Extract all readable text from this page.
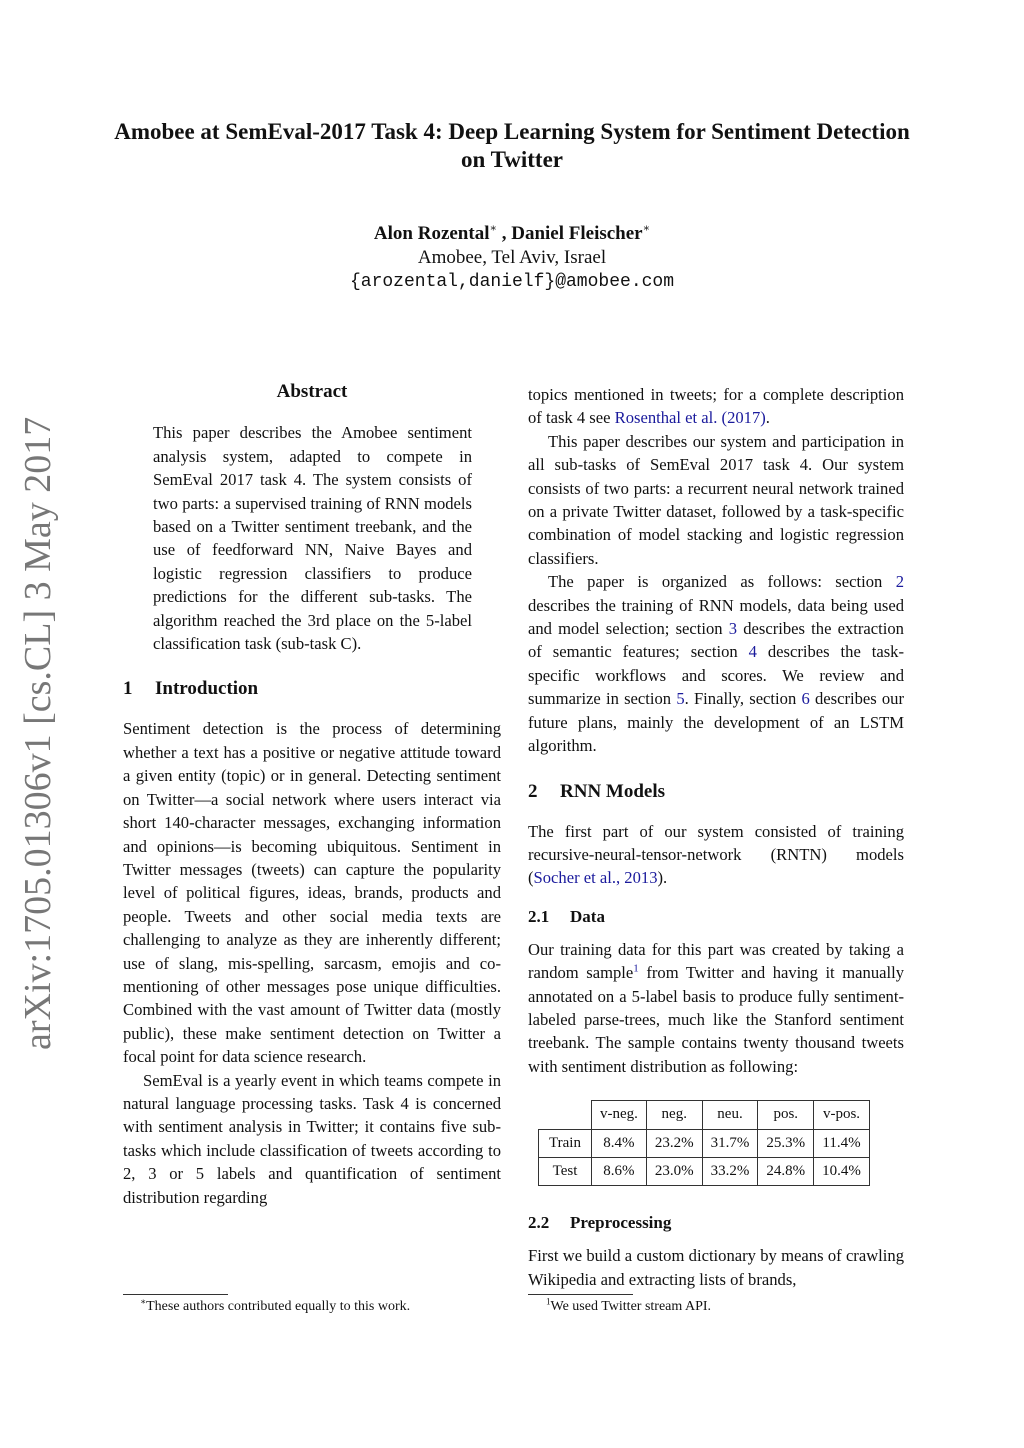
Amobee at SemEval-2017 Task 4: Deep Learning System for Sentiment Detection on Twitter
Alon Rozental∗ , Daniel Fleischer∗
Amobee, Tel Aviv, Israel
{arozental,danielf}@amobee.com
arXiv:1705.01306v1 [cs.CL] 3 May 2017
Abstract

This paper describes the Amobee sentiment analysis system, adapted to compete in SemEval 2017 task 4. The system consists of two parts: a supervised training of RNN models based on a Twitter sentiment treebank, and the use of feedforward NN, Naive Bayes and logistic regression classifiers to produce predictions for the different sub-tasks. The algorithm reached the 3rd place on the 5-label classification task (sub-task C).

1 Introduction

Sentiment detection is the process of determining whether a text has a positive or negative attitude toward a given entity (topic) or in general. Detecting sentiment on Twitter—a social network where users interact via short 140-character messages, exchanging information and opinions—is becoming ubiquitous. Sentiment in Twitter messages (tweets) can capture the popularity level of political figures, ideas, brands, products and people. Tweets and other social media texts are challenging to analyze as they are inherently different; use of slang, mis-spelling, sarcasm, emojis and co-mentioning of other messages pose unique difficulties. Combined with the vast amount of Twitter data (mostly public), these make sentiment detection on Twitter a focal point for data science research.

SemEval is a yearly event in which teams compete in natural language processing tasks. Task 4 is concerned with sentiment analysis in Twitter; it contains five sub-tasks which include classification of tweets according to 2, 3 or 5 labels and quantification of sentiment distribution regarding

topics mentioned in tweets; for a complete description of task 4 see Rosenthal et al. (2017).

This paper describes our system and participation in all sub-tasks of SemEval 2017 task 4. Our system consists of two parts: a recurrent neural network trained on a private Twitter dataset, followed by a task-specific combination of model stacking and logistic regression classifiers.

The paper is organized as follows: section 2 describes the training of RNN models, data being used and model selection; section 3 describes the extraction of semantic features; section 4 describes the task-specific workflows and scores. We review and summarize in section 5. Finally, section 6 describes our future plans, mainly the development of an LSTM algorithm.

2 RNN Models

The first part of our system consisted of training recursive-neural-tensor-network (RNTN) models (Socher et al., 2013).

2.1 Data

Our training data for this part was created by taking a random sample$^1$ from Twitter and having it manually annotated on a 5-label basis to produce fully sentiment-labeled parse-trees, much like the Stanford sentiment treebank. The sample contains twenty thousand tweets with sentiment distribution as following:

	v-neg.	neg.	neu.	pos.	v-pos.
Train	8.4%	23.2%	31.7%	25.3%	11.4%
Test	8.6%	23.0%	33.2%	24.8%	10.4%
2.2 Preprocessing

First we build a custom dictionary by means of crawling Wikipedia and extracting lists of brands,

∗These authors contributed equally to this work.	$^1$We used Twitter stream API.
